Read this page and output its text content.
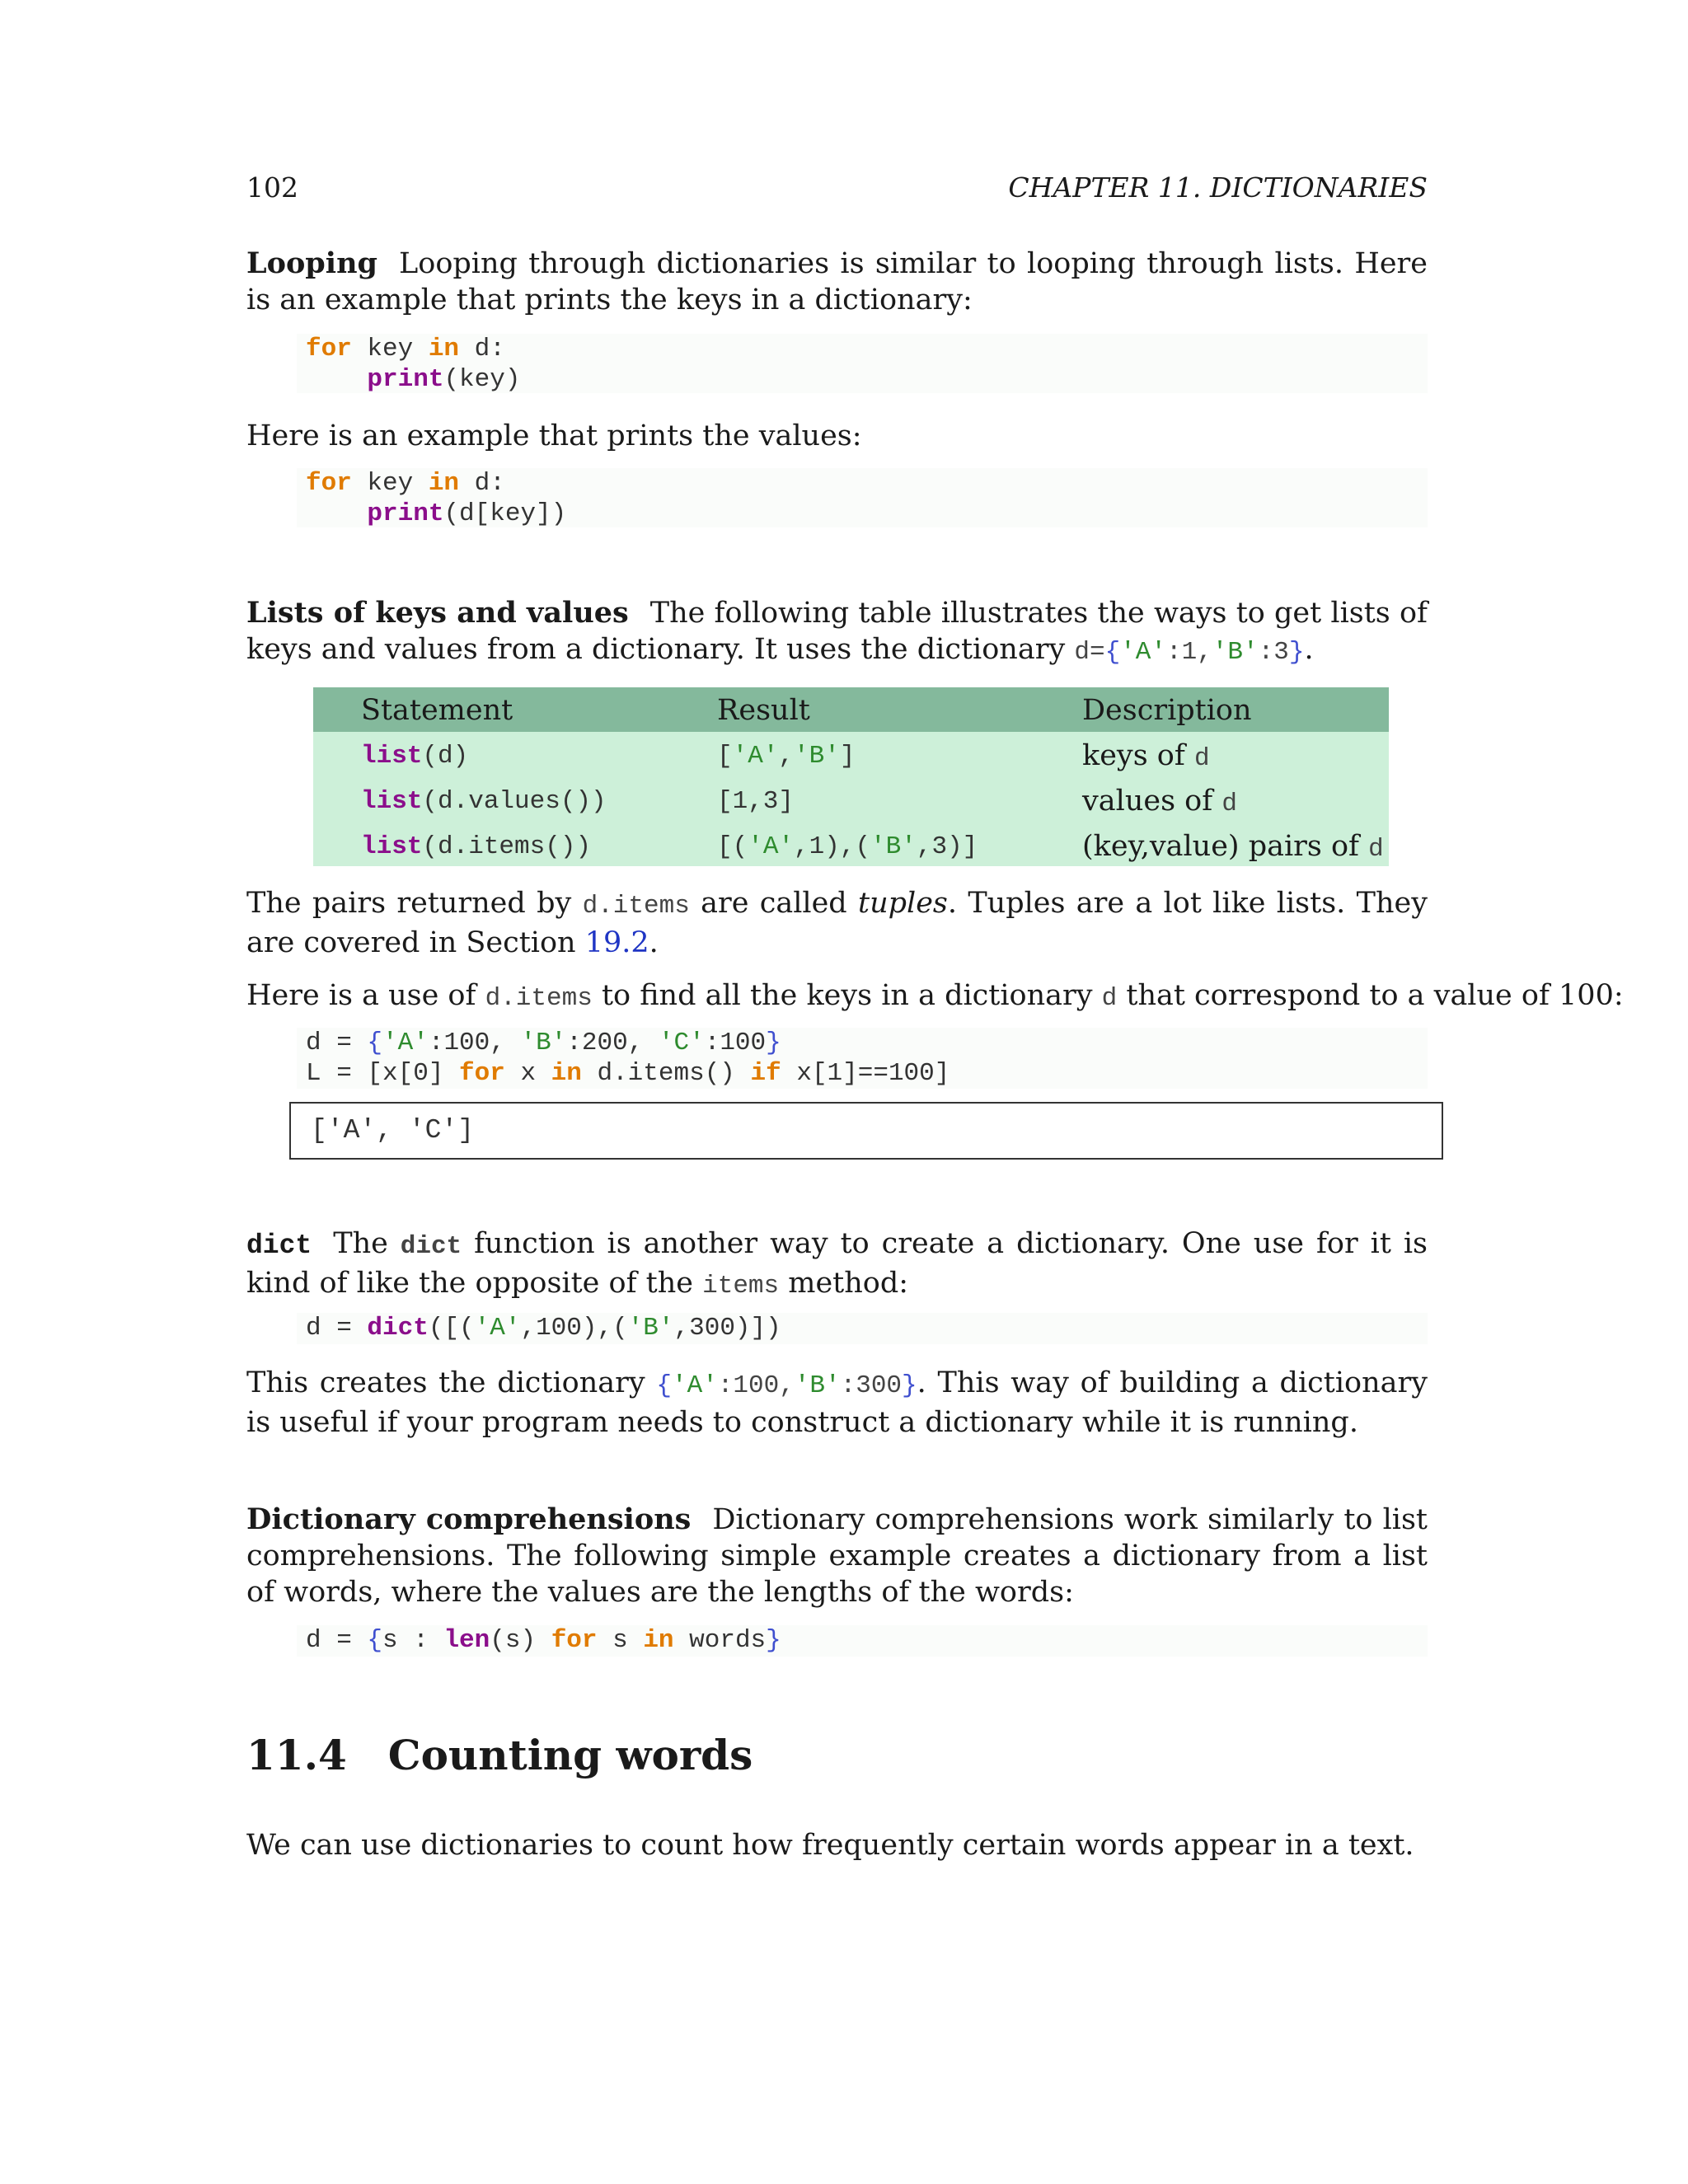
102	CHAPTER 11. DICTIONARIES
Looping Looping through dictionaries is similar to looping through lists. Here is an example that prints the keys in a dictionary:
for key in d:
print(key)
Here is an example that prints the values:
for key in d:
print(d[key])
Lists of keys and values The following table illustrates the ways to get lists of keys and values from a dictionary. It uses the dictionary d={'A':1,'B':3}.
Statement	Result	Description
list(d)	['A','B']	keys of d
list(d.values())	[1,3]	values of d
list(d.items())	[('A',1),('B',3)]	(key,value) pairs of d
The pairs returned by d.items are called tuples. Tuples are a lot like lists. They are covered in Section 19.2.
Here is a use of d.items to find all the keys in a dictionary d that correspond to a value of 100:
d = {'A':100, 'B':200, 'C':100}
L = [x[0] for x in d.items() if x[1]==100]
['A', 'C']
dict The dict function is another way to create a dictionary. One use for it is kind of like the opposite of the items method:
d = dict([('A',100),('B',300)])
This creates the dictionary {'A':100,'B':300}. This way of building a dictionary is useful if your program needs to construct a dictionary while it is running.
Dictionary comprehensions Dictionary comprehensions work similarly to list comprehensions. The following simple example creates a dictionary from a list of words, where the values are the lengths of the words:
d = {s : len(s) for s in words}
11.4 Counting words
We can use dictionaries to count how frequently certain words appear in a text.
